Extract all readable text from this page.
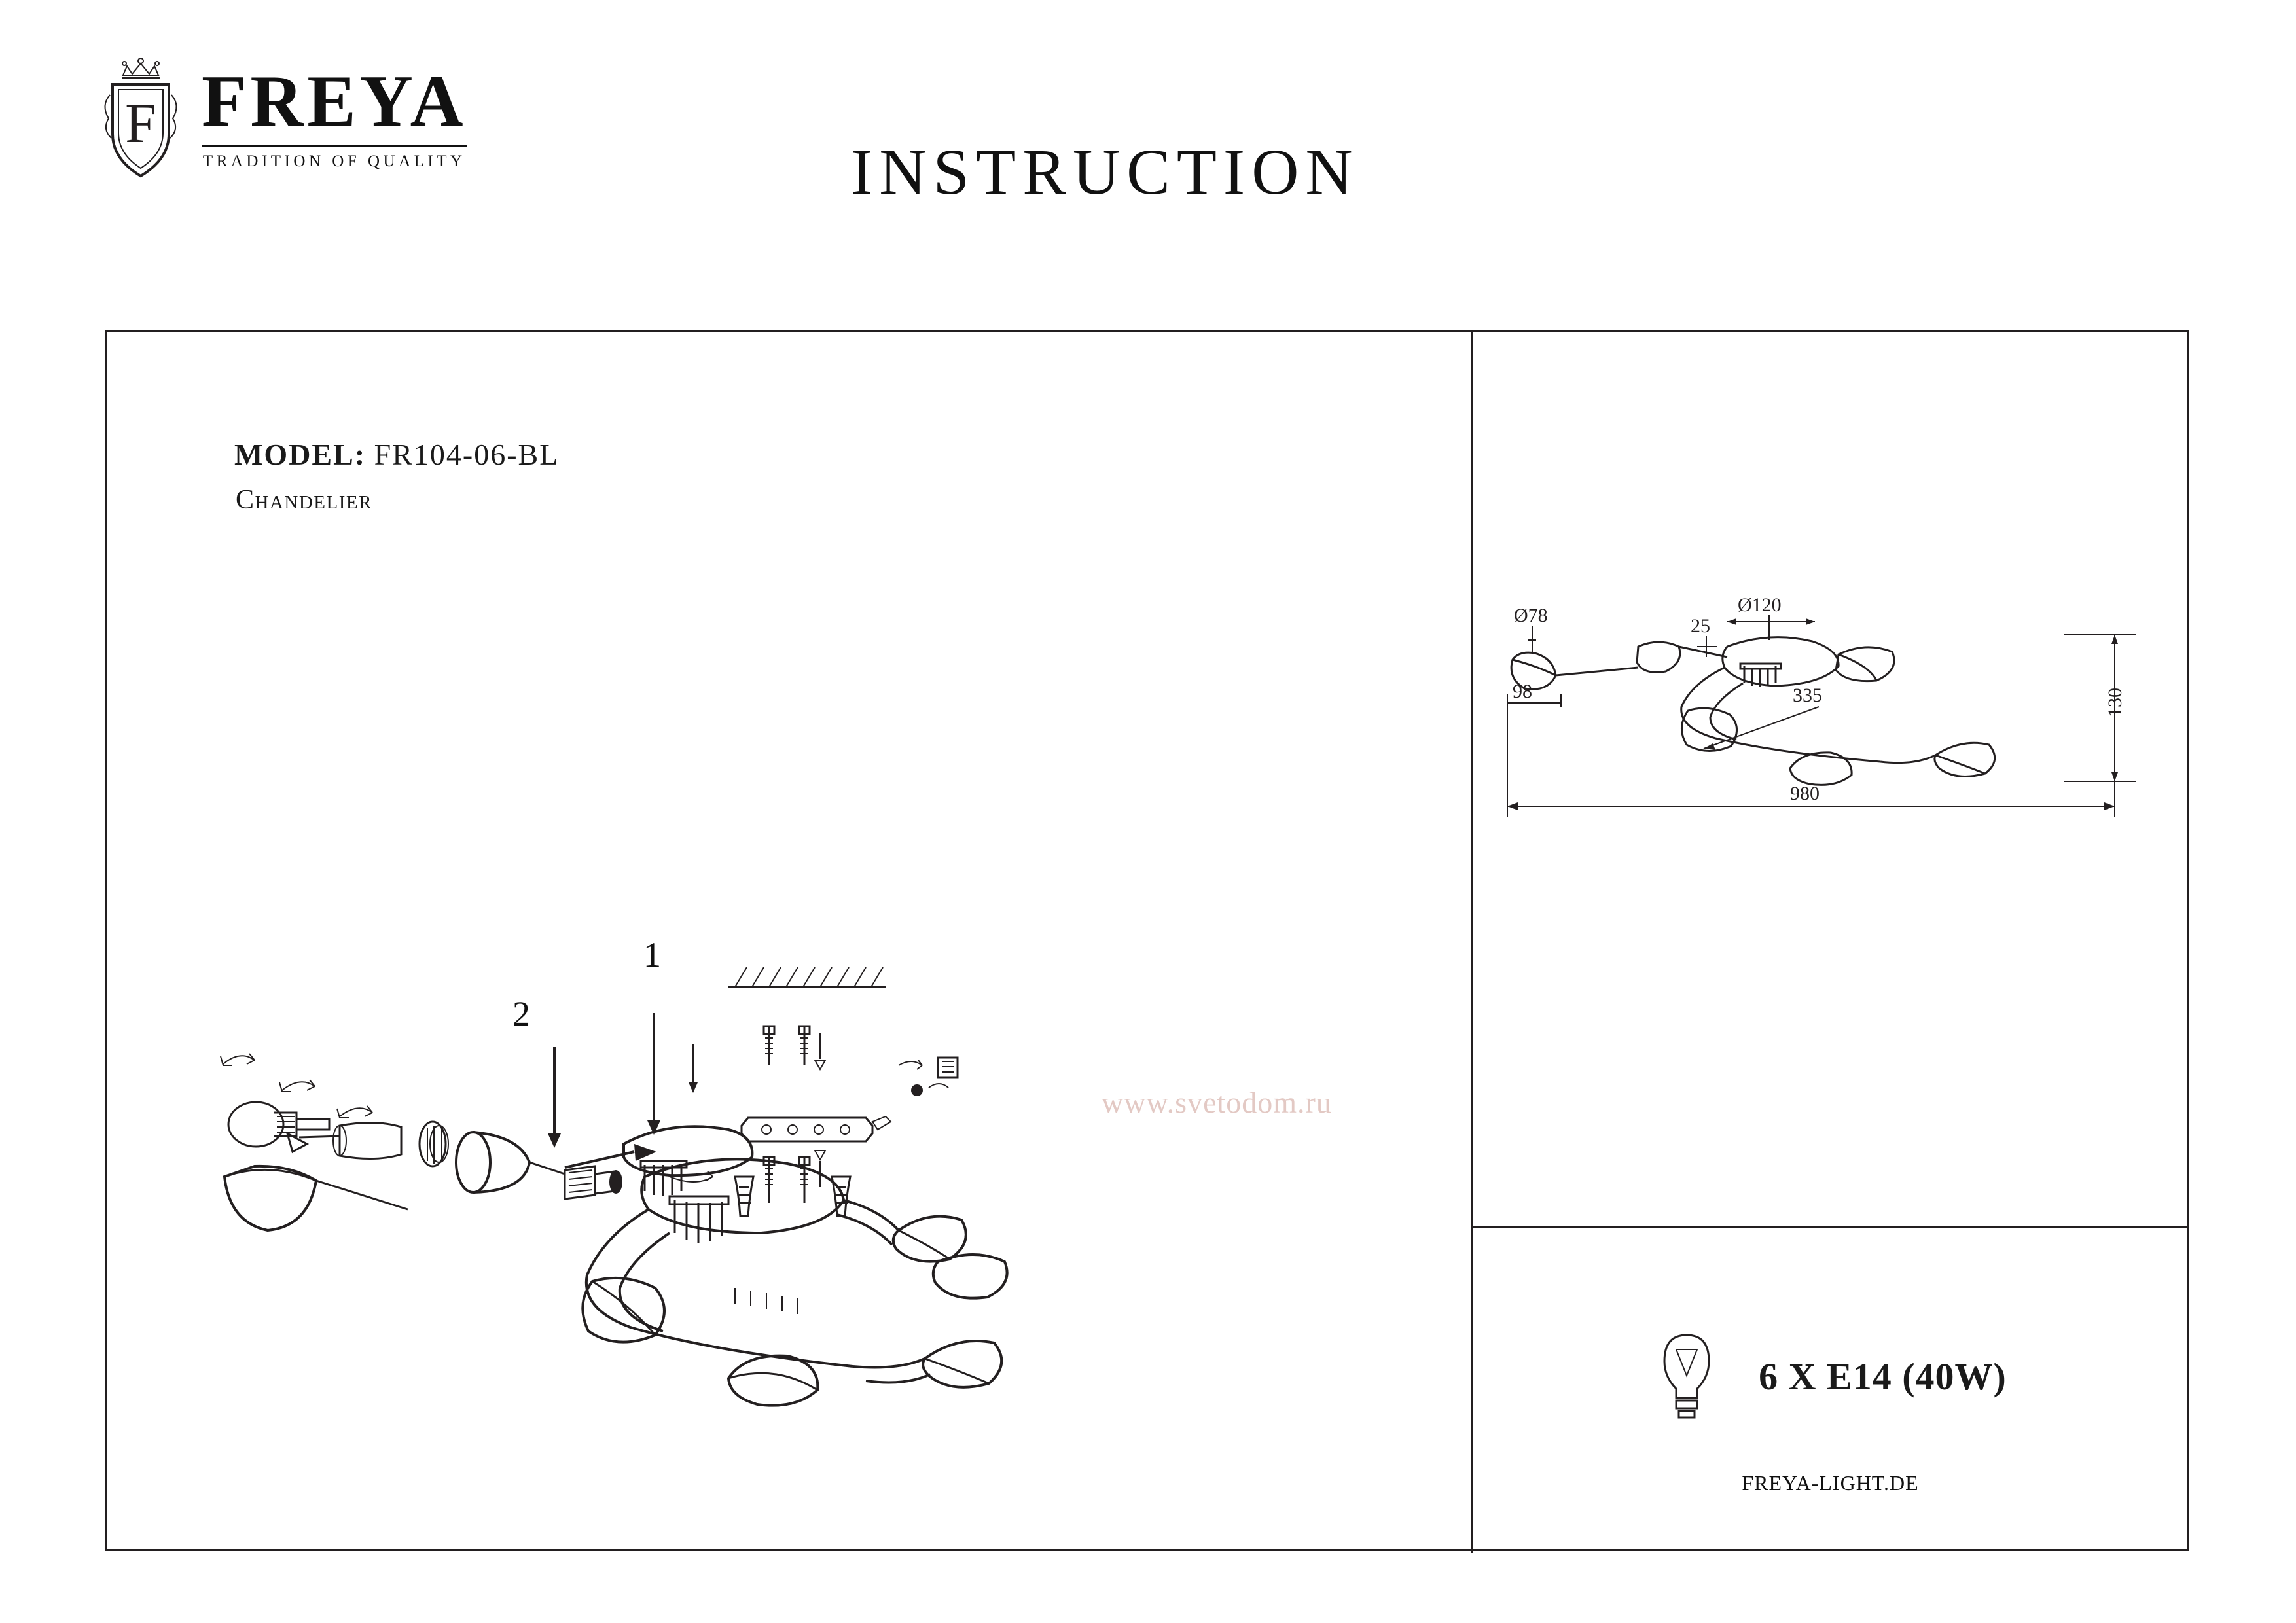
F FREYA
TRADITION OF QUALITY	INSTRUCTION
MODEL: FR104-06-BL
Chandelier
www.svetodom.ru
1
2
Ø78	Ø120
25
98	130
335
980
6 X E14 (40W)
FREYA-LIGHT.DE
